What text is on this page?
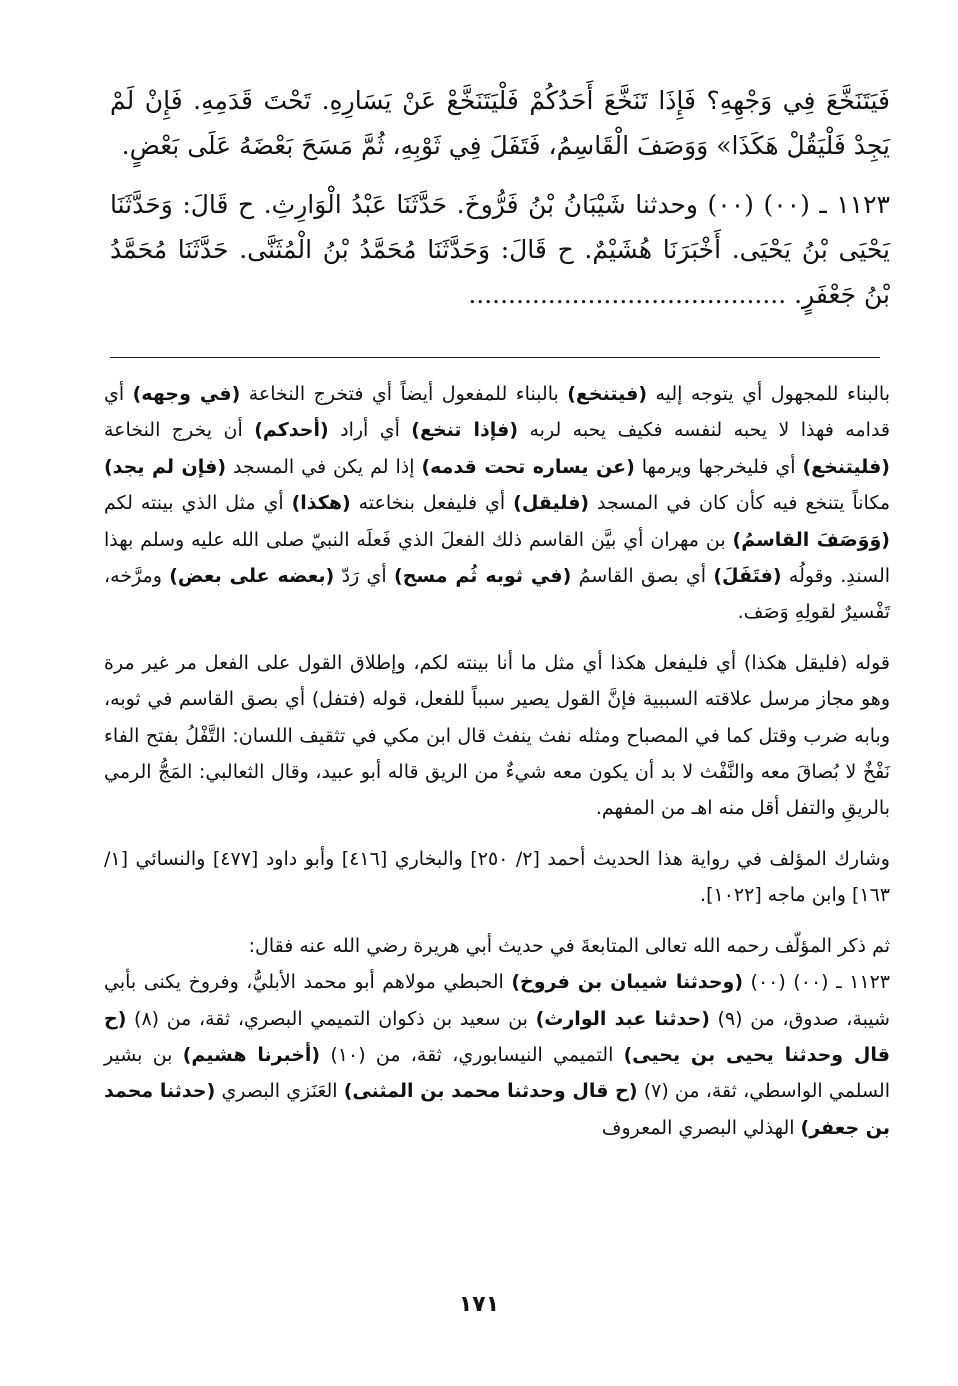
فَيَتَنَخَّعَ فِي وَجْهِهِ؟ فَإِذَا تَنَخَّعَ أَحَدُكُمْ فَلْيَتَنَخَّعْ عَنْ يَسَارِهِ. تَحْتَ قَدَمِهِ. فَإِنْ لَمْ يَجِدْ فَلْيَقُلْ هَكَذَا» وَوَصَفَ الْقَاسِمُ، فَتَفَلَ فِي ثَوْبِهِ، ثُمَّ مَسَحَ بَعْضَهُ عَلَى بَعْضٍ.

١١٢٣ ـ (٠٠) (٠٠) وحدثنا شَيْبَانُ بْنُ فَرُّوخَ. حَدَّثَنَا عَبْدُ الْوَارِثِ. ح قَالَ: وَحَدَّثَنَا يَحْيَى بْنُ يَحْيَى. أَخْبَرَنَا هُشَيْمٌ. ح قَالَ: وَحَدَّثَنَا مُحَمَّدُ بْنُ الْمُثَنَّى. حَدَّثَنَا مُحَمَّدُ بْنُ جَعْفَرٍ. ........................................

بالبناء للمجهول أي يتوجه إليه (فيتنخع) بالبناء للمفعول أيضاً أي فتخرج النخاعة (في وجهه) أي قدامه فهذا لا يحبه لنفسه فكيف يحبه لربه (فإذا تنخع) أي أراد (أحدكم) أن يخرج النخاعة (فليتنخع) أي فليخرجها ويرمها (عن يساره تحت قدمه) إذا لم يكن في المسجد (فإن لم يجد) مكاناً يتنخع فيه كأن كان في المسجد (فليقل) أي فليفعل بنخاعته (هكذا) أي مثل الذي بينته لكم (وَوَصَفَ القاسمُ) بن مهران أي بيَّن القاسم ذلك الفعلَ الذي فَعلَه النبيّ صلى الله عليه وسلم بهذا السندِ. وقولُه (فتَفَلَ) أي بصق القاسمُ (في ثوبه ثُم مسح) أي رَدّ (بعضه على بعض) ومرَّخه، تَفْسيرٌ لقولِهِ وَصَف.

قوله (فليقل هكذا) أي فليفعل هكذا أي مثل ما أنا بينته لكم، وإطلاق القول على الفعل مر غير مرة وهو مجاز مرسل علاقته السببية فإنَّ القول يصير سبباً للفعل، قوله (فتفل) أي بصق القاسم في ثوبه، وبابه ضرب وقتل كما في المصباح ومثله نفث ينفث قال ابن مكي في تثقيف اللسان: التَّفْلُ بفتح الفاء نَفْخٌ لا بُصاقَ معه والنَّفْث لا بد أن يكون معه شيءٌ من الريق قاله أبو عبيد، وقال الثعالبي: المَجُّ الرمي بالريقِ والتفل أقل منه اهـ من المفهم.

وشارك المؤلف في رواية هذا الحديث أحمد [٢/ ٢٥٠] والبخاري [٤١٦] وأبو داود [٤٧٧] والنسائي [١/ ١٦٣] وابن ماجه [١٠٢٢].

ثم ذكر المؤلّف رحمه الله تعالى المتابعةَ في حديث أبي هريرة رضي الله عنه فقال:

١١٢٣ ـ (٠٠) (٠٠) (وحدثنا شيبان بن فروخ) الحبطي مولاهم أبو محمد الأبليُّ، وفروخ يكنى بأبي شيبة، صدوق، من (٩) (حدثنا عبد الوارث) بن سعيد بن ذكوان التميمي البصري، ثقة، من (٨) (ح قال وحدثنا يحيى بن يحيى) التميمي النيسابوري، ثقة، من (١٠) (أخبرنا هشيم) بن بشير السلمي الواسطي، ثقة، من (٧) (ح قال وحدثنا محمد بن المثنى) العَنَزي البصري (حدثنا محمد بن جعفر) الهذلي البصري المعروف

١٧١
